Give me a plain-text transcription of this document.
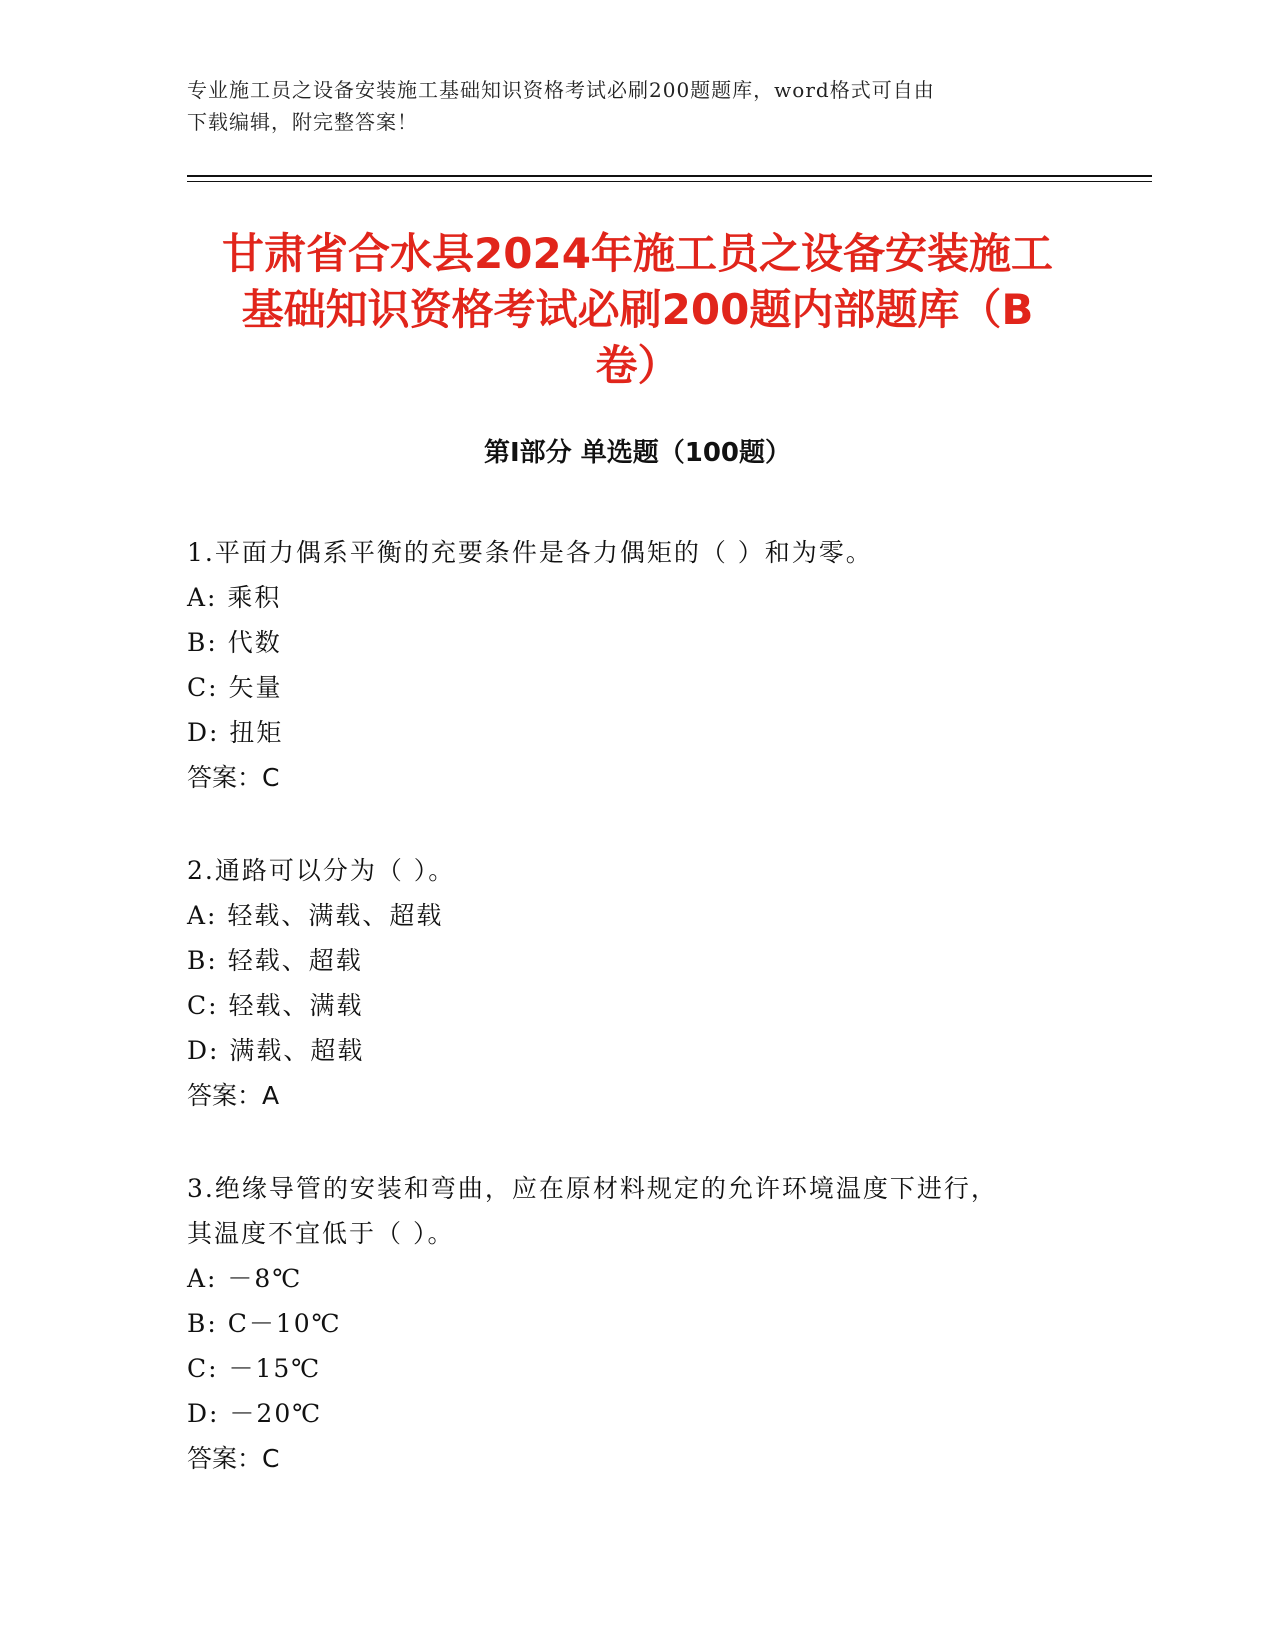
专业施工员之设备安装施工基础知识资格考试必刷200题题库，word格式可自由
下载编辑，附完整答案！
甘肃省合水县2024年施工员之设备安装施工
基础知识资格考试必刷200题内部题库（B
卷）
第Ⅰ部分 单选题（100题）

1.平面力偶系平衡的充要条件是各力偶矩的（ ）和为零。

A: 乘积

B: 代数

C: 矢量

D: 扭矩

答案：C

2.通路可以分为（ ）。

A: 轻载、满载、超载

B: 轻载、超载

C: 轻载、满载

D: 满载、超载

答案：A

3.绝缘导管的安装和弯曲，应在原材料规定的允许环境温度下进行，

其温度不宜低于（ ）。

A: －8℃

B: C－10℃

C: －15℃

D: －20℃

答案：C
